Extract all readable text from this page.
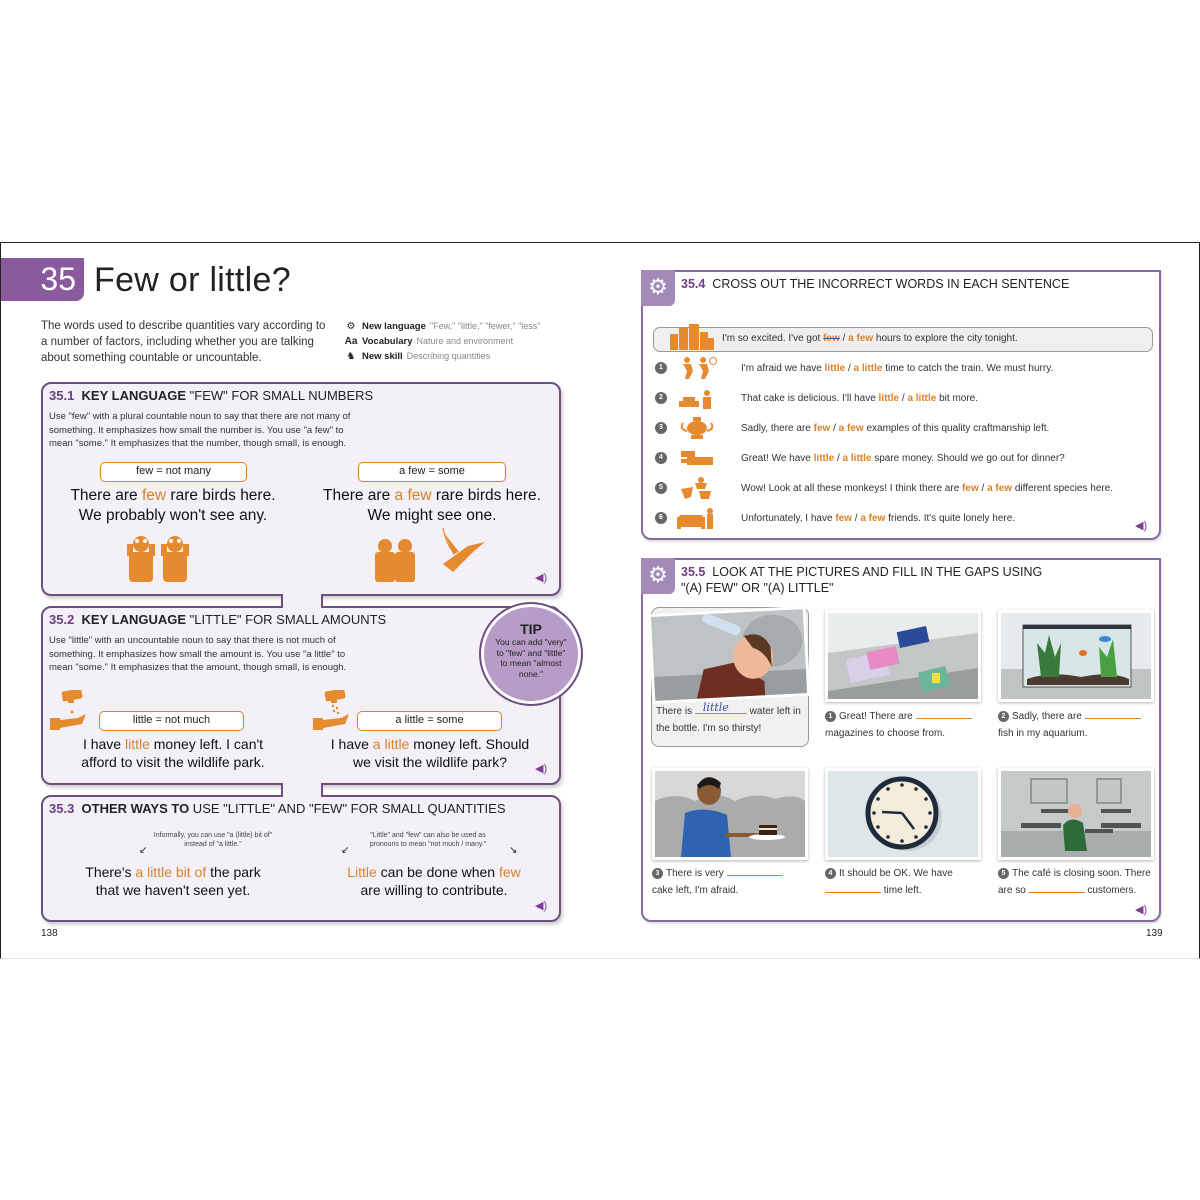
35 Few or little?

The words used to describe quantities vary according to a number of factors, including whether you are talking about something countable or uncountable.

⚙ New language "Few," "little," "fewer," "less"
Aa Vocabulary Nature and environment
♞ New skill Describing quantities
35.1 KEY LANGUAGE "FEW" FOR SMALL NUMBERS

Use "few" with a plural countable noun to say that there are not many of something. It emphasizes how small the number is. You use "a few" to mean "some." It emphasizes that the number, though small, is enough.

few = not many	a few = some
There are few rare birds here.
We probably won't see any.
There are a few rare birds here.
We might see one.
◀)
35.2 KEY LANGUAGE "LITTLE" FOR SMALL AMOUNTS

Use "little" with an uncountable noun to say that there is not much of something. It emphasizes how small the amount is. You use "a little" to mean "some." It emphasizes that the amount, though small, is enough.

little = not much	a little = some
I have little money left. I can't
afford to visit the wildlife park.
I have a little money left. Should
we visit the wildlife park?	◀)
TIP
You can add "very" to "few" and "little" to mean "almost none."
35.3 OTHER WAYS TO USE "LITTLE" AND "FEW" FOR SMALL QUANTITIES
Informally, you can use "a (little) bit of" instead of "a little."
"Little" and "few" can also be used as pronouns to mean "not much / many."
↙	↙	↘
There's a little bit of the park
that we haven't seen yet.
Little can be done when few
are willing to contribute.
◀)
138
⚙	35.4 CROSS OUT THE INCORRECT WORDS IN EACH SENTENCE
I'm so excited. I've got few / a few hours to explore the city tonight.
1	I'm afraid we have little / a little time to catch the train. We must hurry.
2	That cake is delicious. I'll have little / a little bit more.
3	Sadly, there are few / a few examples of this quality craftmanship left.
4	Great! We have little / a little spare money. Should we go out for dinner?
5	Wow! Look at all these monkeys! I think there are few / a few different species here.
6	Unfortunately, I have few / a few friends. It's quite lonely here.
◀)
⚙	35.5 LOOK AT THE PICTURES AND FILL IN THE GAPS USING
"(A) FEW" OR "(A) LITTLE"
There is little water left in the bottle. I'm so thirsty!
1 Great! There are
magazines to choose from.
2 Sadly, there are
fish in my aquarium.
3 There is very
cake left, I'm afraid.
4 It should be OK. We have
time left.
5 The café is closing soon. There
are so	customers.
◀)
139
